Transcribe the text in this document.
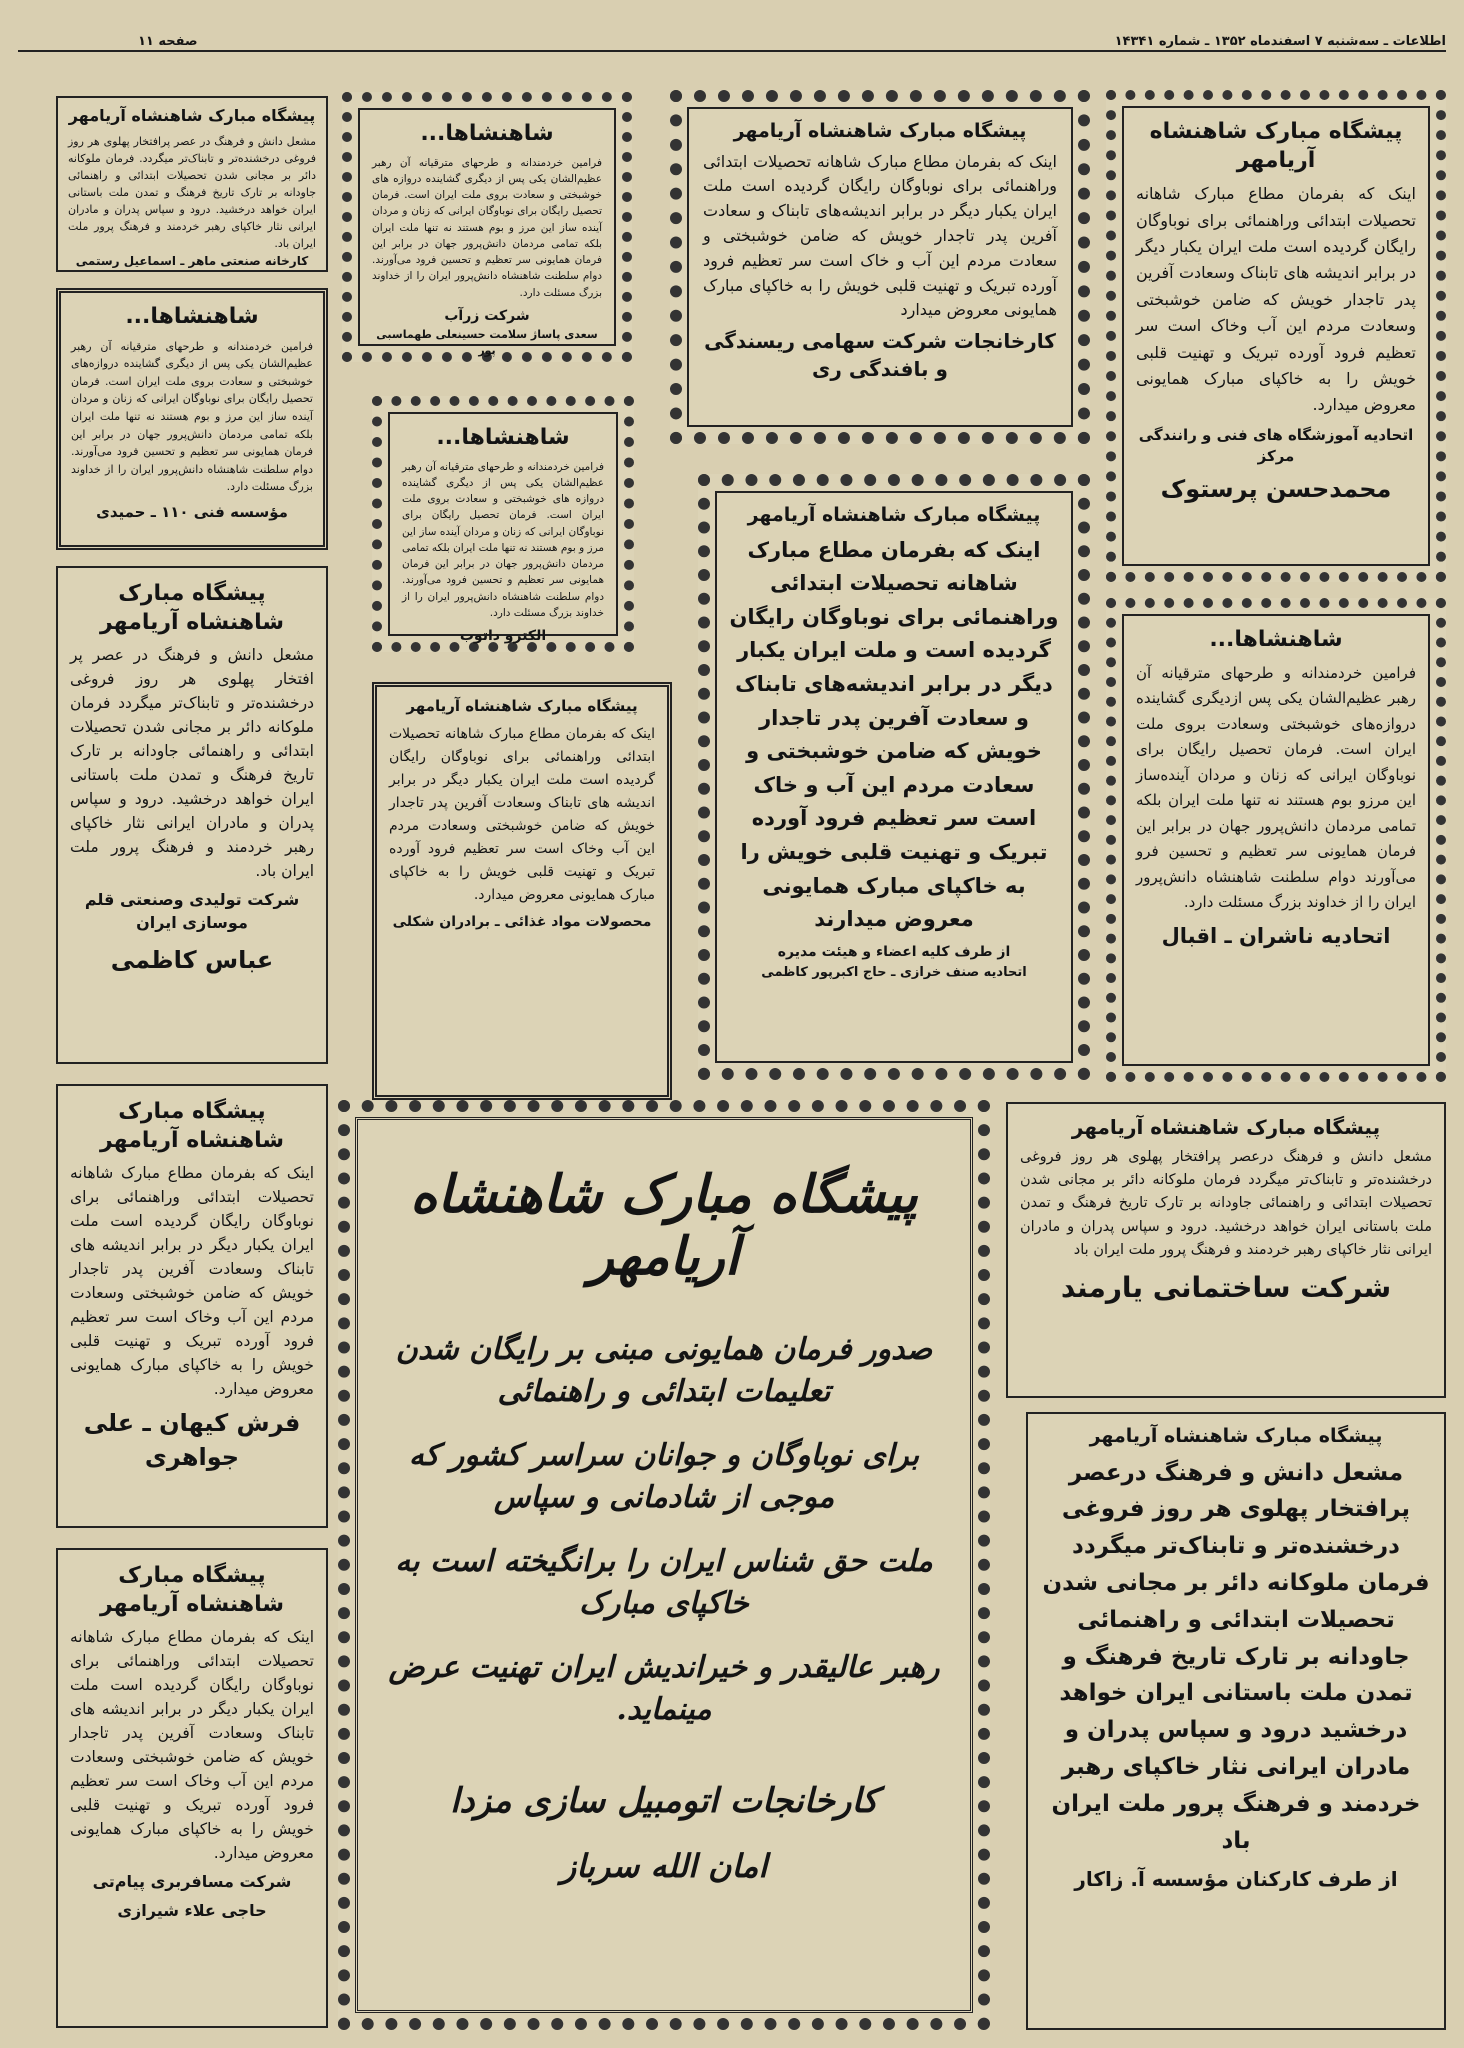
صفحه ۱۱	اطلاعات ـ سه‌شنبه ۷ اسفندماه ۱۳۵۲ ـ شماره ۱۴۳۴۱
پیشگاه مبارک شاهنشاه آریامهر
مشعل دانش و فرهنگ در عصر پرافتخار پهلوی هر روز فروغی درخشنده‌تر و تابناک‌تر میگردد. فرمان ملوکانه دائر بر مجانی شدن تحصیلات ابتدائی و راهنمائی جاودانه بر تارک تاریخ فرهنگ و تمدن ملت باستانی ایران خواهد درخشید. درود و سپاس پدران و مادران ایرانی نثار خاکپای رهبر خردمند و فرهنگ پرور ملت ایران باد.
کارخانه صنعتی ماهر ـ اسماعیل رستمی
شاهنشاها...
فرامین خردمندانه و طرحهای مترقیانه آن رهبر عظیم‌الشان یکی پس از دیگری گشاینده دروازه‌های خوشبختی و سعادت بروی ملت ایران است. فرمان تحصیل رایگان برای نوباوگان ایرانی که زنان و مردان آینده ساز این مرز و بوم هستند نه تنها ملت ایران بلکه تمامی مردمان دانش‌پرور جهان در برابر این فرمان همایونی سر تعظیم و تحسین فرود می‌آورند. دوام سلطنت شاهنشاه دانش‌پرور ایران را از خداوند بزرگ مسئلت دارد.
مؤسسه فنی ۱۱۰ ـ حمیدی
پیشگاه مبارک شاهنشاه آریامهر
مشعل دانش و فرهنگ در عصر پر افتخار پهلوی هر روز فروغی درخشنده‌تر و تابناک‌تر میگردد فرمان ملوکانه دائر بر مجانی شدن تحصیلات ابتدائی و راهنمائی جاودانه بر تارک تاریخ فرهنگ و تمدن ملت باستانی ایران خواهد درخشید. درود و سپاس پدران و مادران ایرانی نثار خاکپای رهبر خردمند و فرهنگ پرور ملت ایران باد.
شرکت تولیدی وصنعتی قلم موسازی ایران
عباس کاظمی
پیشگاه مبارک شاهنشاه آریامهر
اینک که بفرمان مطاع مبارک شاهانه تحصیلات ابتدائی وراهنمائی برای نوباوگان رایگان گردیده است ملت ایران یکبار دیگر در برابر اندیشه های تابناک وسعادت آفرین پدر تاجدار خویش که ضامن خوشبختی وسعادت مردم این آب وخاک است سر تعظیم فرود آورده تبریک و تهنیت قلبی خویش را به خاکپای مبارک همایونی معروض میدارد.
فرش کیهان ـ علی جواهری
پیشگاه مبارک شاهنشاه آریامهر
اینک که بفرمان مطاع مبارک شاهانه تحصیلات ابتدائی وراهنمائی برای نوباوگان رایگان گردیده است ملت ایران یکبار دیگر در برابر اندیشه های تابناک وسعادت آفرین پدر تاجدار خویش که ضامن خوشبختی وسعادت مردم این آب وخاک است سر تعظیم فرود آورده تبریک و تهنیت قلبی خویش را به خاکپای مبارک همایونی معروض میدارد.
شرکت مسافربری پیام‌تی
حاجی علاء شیرازی
شاهنشاها...
فرامین خردمندانه و طرحهای مترقیانه آن رهبر عظیم‌الشان یکی پس از دیگری گشاینده دروازه های خوشبختی و سعادت بروی ملت ایران است. فرمان تحصیل رایگان برای نوباوگان ایرانی که زنان و مردان آینده ساز این مرز و بوم هستند نه تنها ملت ایران بلکه تمامی مردمان دانش‌پرور جهان در برابر این فرمان همایونی سر تعظیم و تحسین فرود می‌آورند. دوام سلطنت شاهنشاه دانش‌پرور ایران را از خداوند بزرگ مسئلت دارد.
شرکت زرآب
سعدی پاساژ سلامت حسینعلی طهماسبی پور
شاهنشاها...
فرامین خردمندانه و طرحهای مترقیانه آن رهبر عظیم‌الشان یکی پس از دیگری گشاینده دروازه های خوشبختی و سعادت بروی ملت ایران است. فرمان تحصیل رایگان برای نوباوگان ایرانی که زنان و مردان آینده ساز این مرز و بوم هستند نه تنها ملت ایران بلکه تمامی مردمان دانش‌پرور جهان در برابر این فرمان همایونی سر تعظیم و تحسین فرود می‌آورند. دوام سلطنت شاهنشاه دانش‌پرور ایران را از خداوند بزرگ مسئلت دارد.
الکترو داتوب
پیشگاه مبارک شاهنشاه آریامهر
اینک که بفرمان مطاع مبارک شاهانه تحصیلات ابتدائی وراهنمائی برای نوباوگان رایگان گردیده است ملت ایران یکبار دیگر در برابر اندیشه های تابناک وسعادت آفرین پدر تاجدار خویش که ضامن خوشبختی وسعادت مردم این آب وخاک است سر تعظیم فرود آورده تبریک و تهنیت قلبی خویش را به خاکپای مبارک همایونی معروض میدارد.
محصولات مواد غذائی ـ برادران شکلی
پیشگاه مبارک شاهنشاه آریامهر
اینک که بفرمان مطاع مبارک شاهانه تحصیلات ابتدائی وراهنمائی برای نوباوگان رایگان گردیده است ملت ایران یکبار دیگر در برابر اندیشه‌های تابناک و سعادت آفرین پدر تاجدار خویش که ضامن خوشبختی و سعادت مردم این آب و خاک است سر تعظیم فرود آورده تبریک و تهنیت قلبی خویش را به خاکپای مبارک همایونی معروض میدارد
کارخانجات شرکت سهامی ریسندگی و بافندگی ری
پیشگاه مبارک شاهنشاه آریامهر
اینک که بفرمان مطاع مبارک شاهانه تحصیلات ابتدائی وراهنمائی برای نوباوگان رایگان گردیده است و ملت ایران یکبار دیگر در برابر اندیشه‌های تابناک و سعادت آفرین پدر تاجدار خویش که ضامن خوشبختی و سعادت مردم این آب و خاک است سر تعظیم فرود آورده تبریک و تهنیت قلبی خویش را به خاکپای مبارک همایونی معروض میدارند
از طرف کلیه اعضاء و هیئت مدیره
اتحادیه صنف خرازی ـ حاج اکبرپور کاظمی
پیشگاه مبارک شاهنشاه آریامهر
اینک که بفرمان مطاع مبارک شاهانه تحصیلات ابتدائی وراهنمائی برای نوباوگان رایگان گردیده است ملت ایران یکبار دیگر در برابر اندیشه های تابناک وسعادت آفرین پدر تاجدار خویش که ضامن خوشبختی وسعادت مردم این آب وخاک است سر تعظیم فرود آورده تبریک و تهنیت قلبی خویش را به خاکپای مبارک همایونی معروض میدارد.
اتحادیه آموزشگاه های فنی و رانندگی مرکز
محمدحسن پرستوک
شاهنشاها...
فرامین خردمندانه و طرحهای مترقیانه آن رهبر عظیم‌الشان یکی پس ازدیگری گشاینده دروازه‌های خوشبختی وسعادت بروی ملت ایران است. فرمان تحصیل رایگان برای نوباوگان ایرانی که زنان و مردان آینده‌ساز این مرزو بوم هستند نه تنها ملت ایران بلکه تمامی مردمان دانش‌پرور جهان در برابر این فرمان همایونی سر تعظیم و تحسین فرو می‌آورند دوام سلطنت شاهنشاه دانش‌پرور ایران را از خداوند بزرگ مسئلت دارد.
اتحادیه ناشران ـ اقبال
پیشگاه مبارک شاهنشاه آریامهر
مشعل دانش و فرهنگ درعصر پرافتخار پهلوی هر روز فروغی درخشنده‌تر و تابناک‌تر میگردد فرمان ملوکانه دائر بر مجانی شدن تحصیلات ابتدائی و راهنمائی جاودانه بر تارک تاریخ فرهنگ و تمدن ملت باستانی ایران خواهد درخشید. درود و سپاس پدران و مادران ایرانی نثار خاکپای رهبر خردمند و فرهنگ پرور ملت ایران باد
شرکت ساختمانی یارمند
پیشگاه مبارک شاهنشاه آریامهر
مشعل دانش و فرهنگ درعصر پرافتخار پهلوی هر روز فروغی درخشنده‌تر و تابناک‌تر میگردد فرمان ملوکانه دائر بر مجانی شدن تحصیلات ابتدائی و راهنمائی جاودانه بر تارک تاریخ فرهنگ و تمدن ملت باستانی ایران خواهد درخشید درود و سپاس پدران و مادران ایرانی نثار خاکپای رهبر خردمند و فرهنگ پرور ملت ایران باد
از طرف کارکنان مؤسسه آ. زاکار
پیشگاه مبارک شاهنشاه آریامهر
صدور فرمان همایونی مبنی بر رایگان شدن تعلیمات ابتدائی و راهنمائی
برای نوباوگان و جوانان سراسر کشور که موجی از شادمانی و سپاس
ملت حق شناس ایران را برانگیخته است به خاکپای مبارک
رهبر عالیقدر و خیراندیش ایران تهنیت عرض مینماید.
کارخانجات اتومبیل سازی مزدا
امان الله سرباز
